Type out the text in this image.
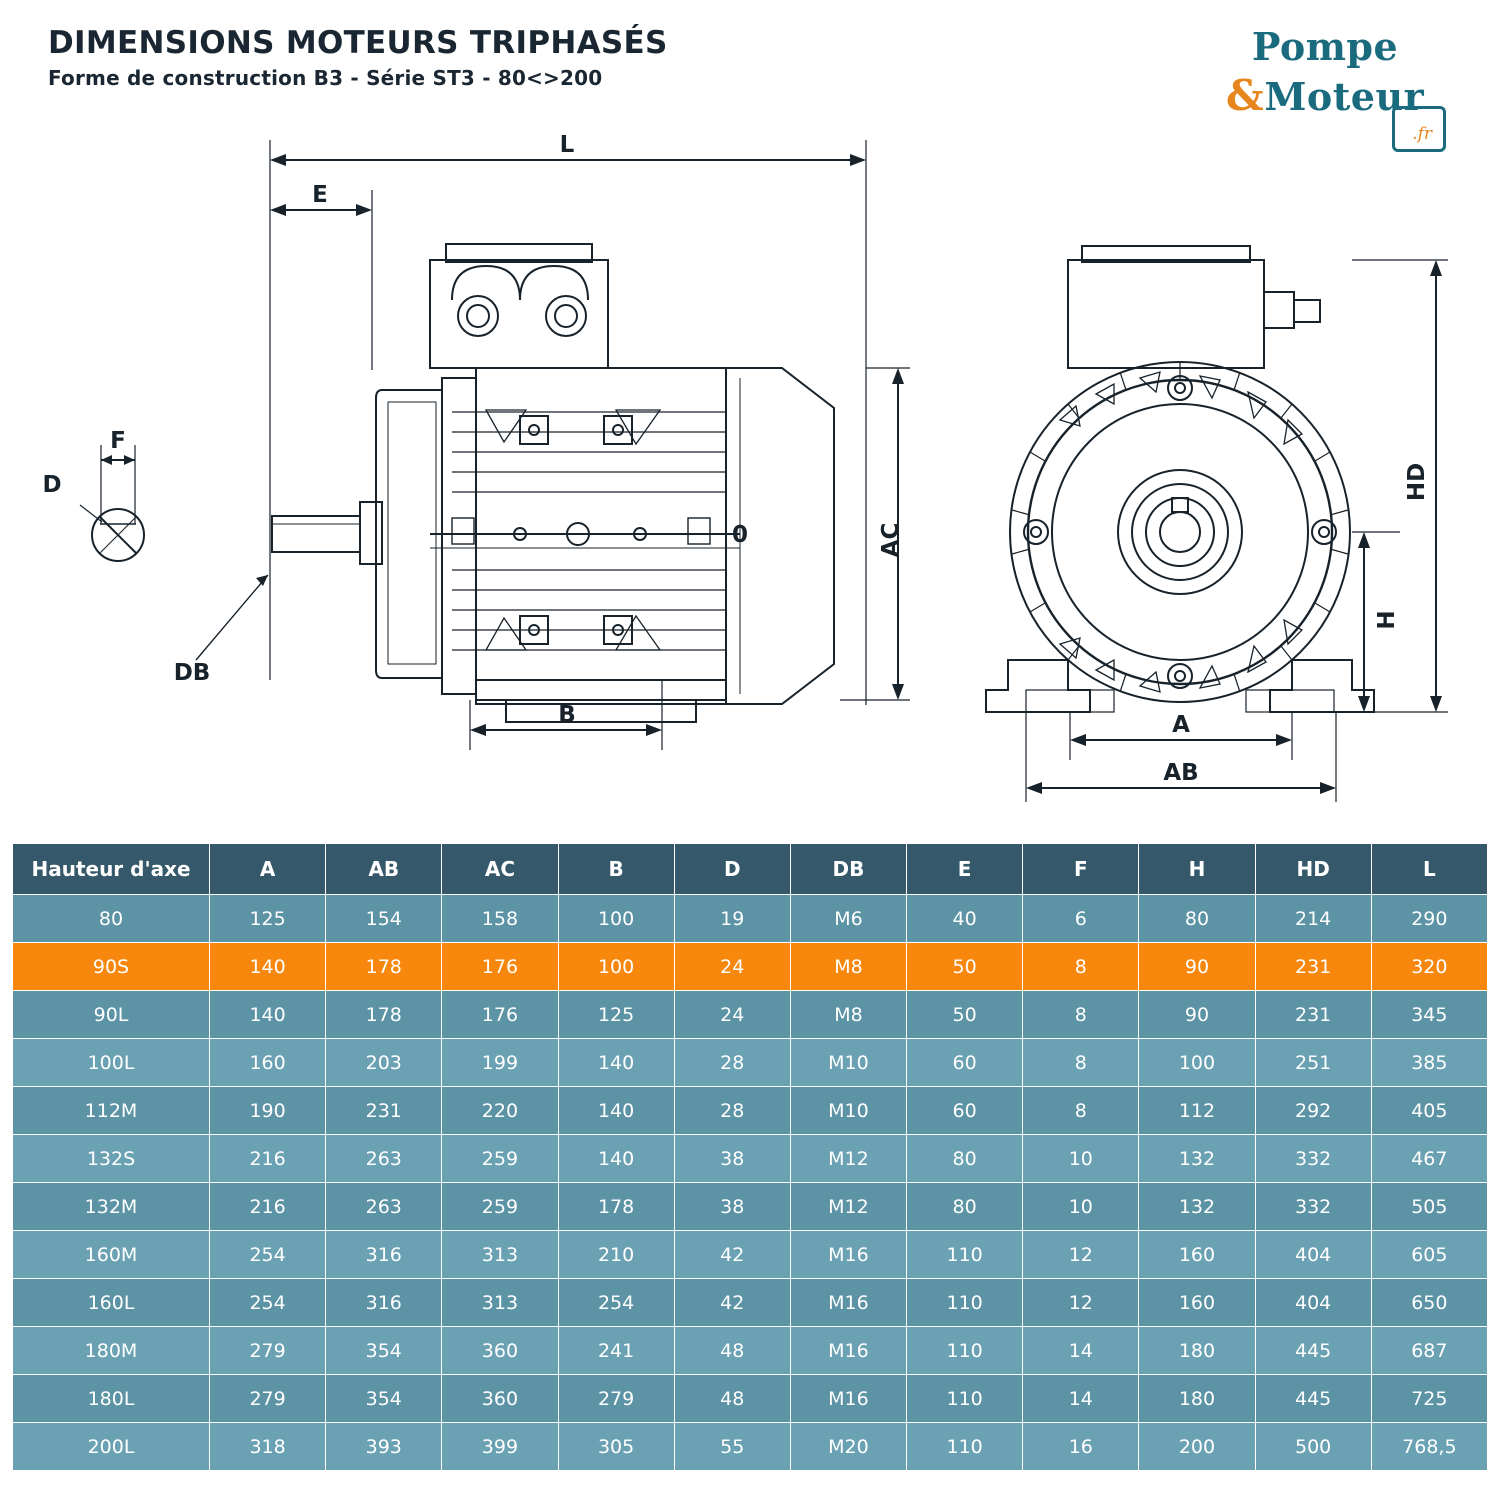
DIMENSIONS MOTEURS TRIPHASÉS
Forme de construction B3 - Série ST3 - 80<>200
Pompe
&Moteur
.fr
L
E
F
D
DB
B
AC
HD
H
A
AB
0
Hauteur d'axe	A	AB	AC	B	D	DB	E	F	H	HD	L
80	125	154	158	100	19	M6	40	6	80	214	290
90S	140	178	176	100	24	M8	50	8	90	231	320
90L	140	178	176	125	24	M8	50	8	90	231	345
100L	160	203	199	140	28	M10	60	8	100	251	385
112M	190	231	220	140	28	M10	60	8	112	292	405
132S	216	263	259	140	38	M12	80	10	132	332	467
132M	216	263	259	178	38	M12	80	10	132	332	505
160M	254	316	313	210	42	M16	110	12	160	404	605
160L	254	316	313	254	42	M16	110	12	160	404	650
180M	279	354	360	241	48	M16	110	14	180	445	687
180L	279	354	360	279	48	M16	110	14	180	445	725
200L	318	393	399	305	55	M20	110	16	200	500	768,5
